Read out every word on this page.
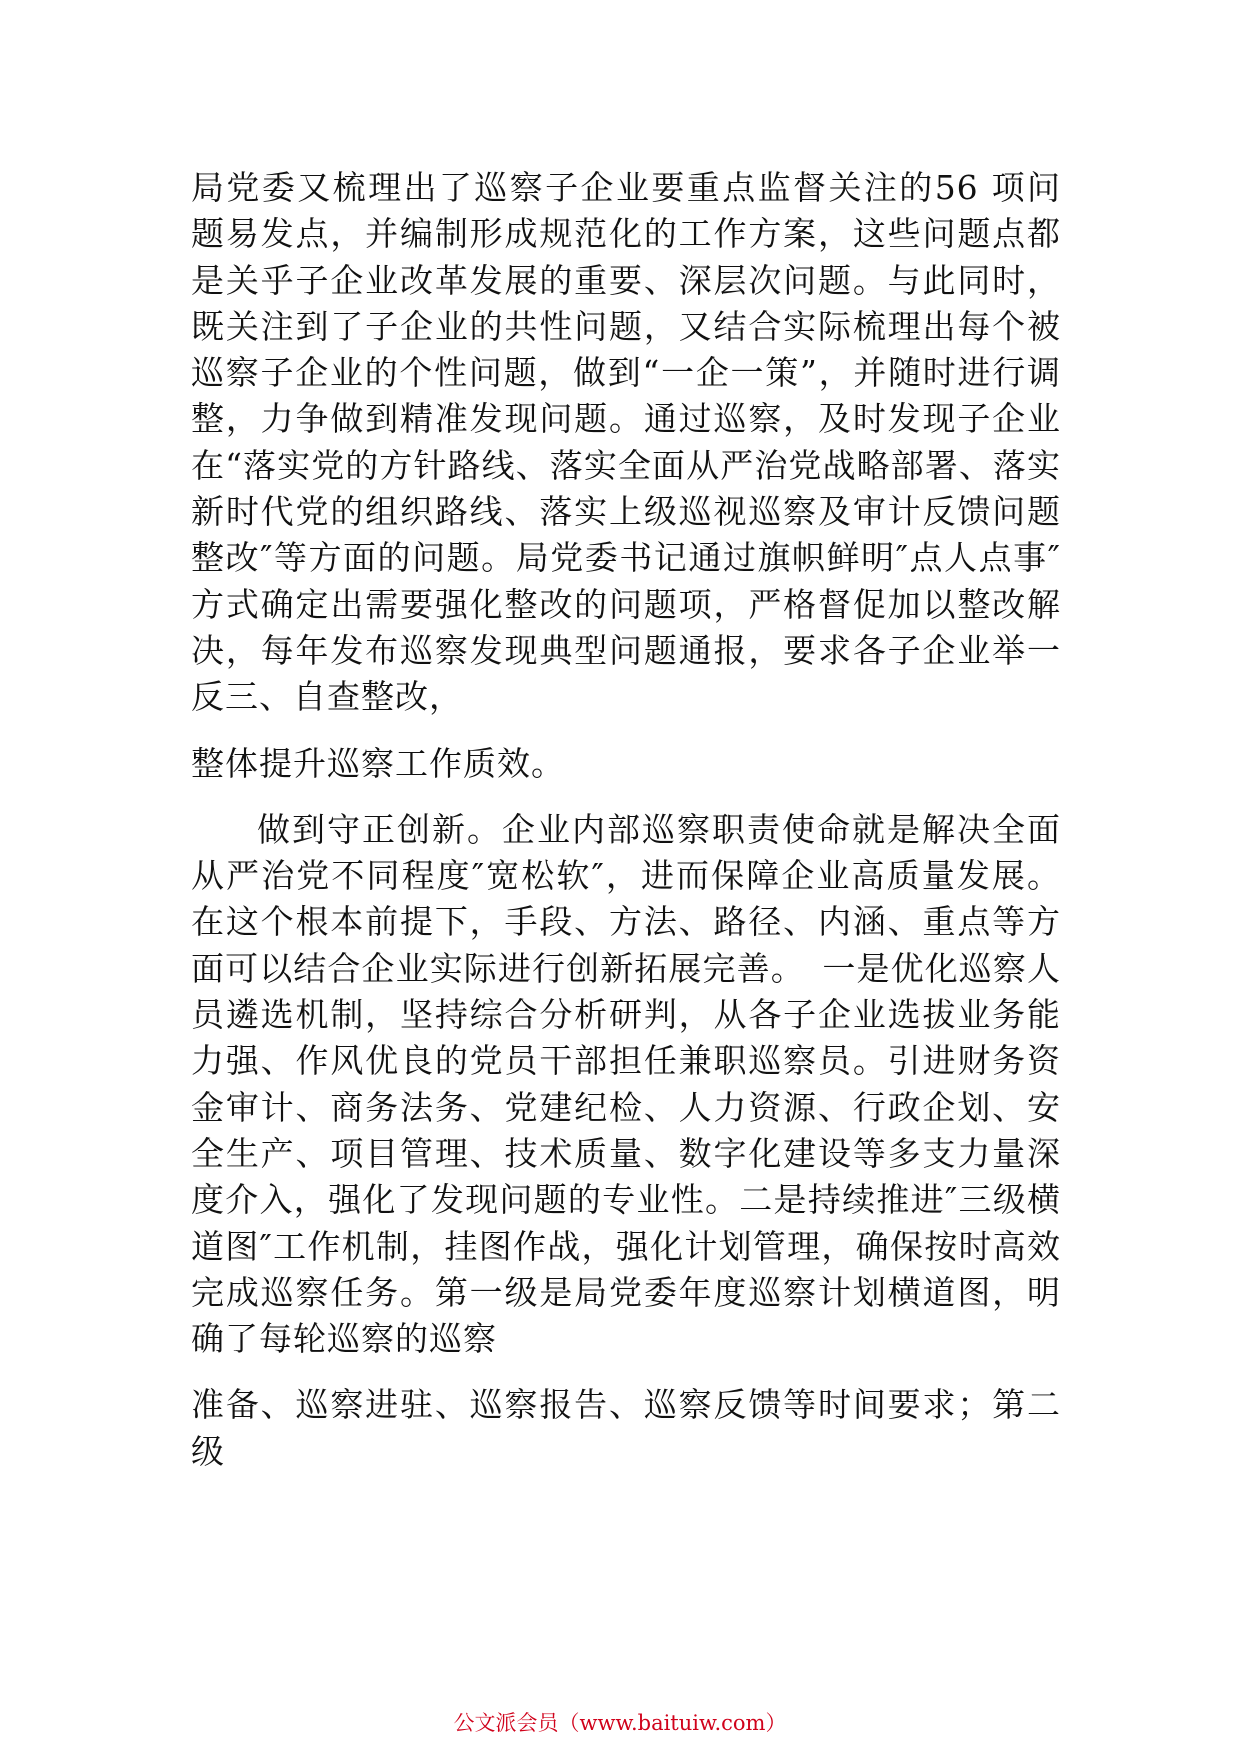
局党委又梳理出了巡察子企业要重点监督关注的56 项问题易发点，并编制形成规范化的工作方案，这些问题点都是关乎子企业改革发展的重要、深层次问题。与此同时，既关注到了子企业的共性问题，又结合实际梳理出每个被巡察子企业的个性问题，做到“一企一策”，并随时进行调整，力争做到精准发现问题。通过巡察，及时发现子企业在“落实党的方针路线、落实全面从严治党战略部署、落实新时代党的组织路线、落实上级巡视巡察及审计反馈问题整改″等方面的问题。局党委书记通过旗帜鲜明″点人点事″方式确定出需要强化整改的问题项，严格督促加以整改解决，每年发布巡察发现典型问题通报，要求各子企业举一反三、自查整改，

整体提升巡察工作质效。

做到守正创新。企业内部巡察职责使命就是解决全面从严治党不同程度″宽松软″，进而保障企业高质量发展。在这个根本前提下，手段、方法、路径、内涵、重点等方面可以结合企业实际进行创新拓展完善。　一是优化巡察人员遴选机制，坚持综合分析研判，从各子企业选拔业务能力强、作风优良的党员干部担任兼职巡察员。引进财务资金审计、商务法务、党建纪检、人力资源、行政企划、安全生产、项目管理、技术质量、数字化建设等多支力量深度介入，强化了发现问题的专业性。二是持续推进″三级横道图″工作机制，挂图作战，强化计划管理，确保按时高效完成巡察任务。第一级是局党委年度巡察计划横道图，明确了每轮巡察的巡察

准备、巡察进驻、巡察报告、巡察反馈等时间要求；第二级

公文派会员（www.baituiw.com）
